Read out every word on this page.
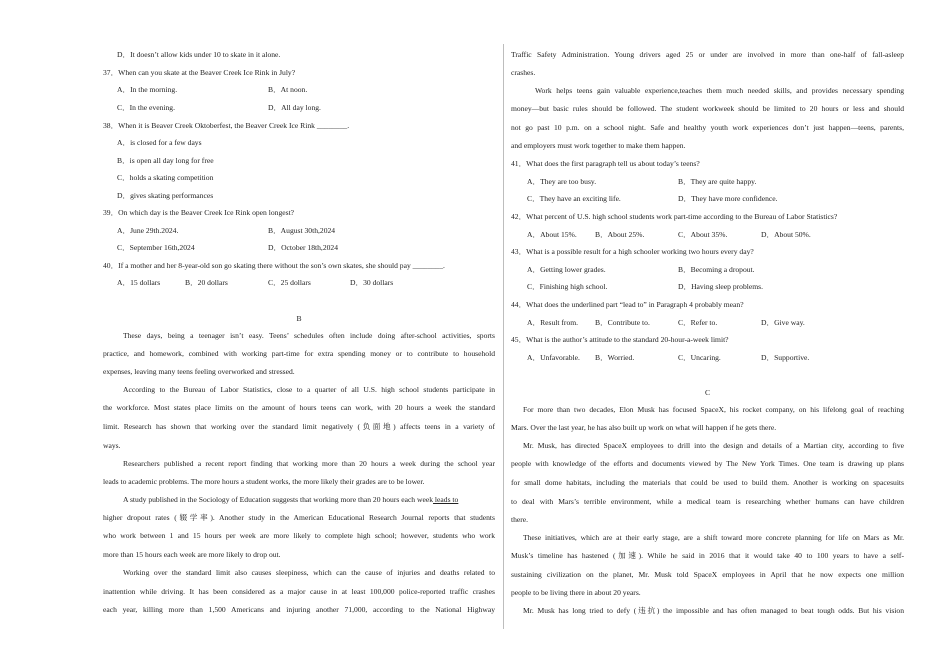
D．It doesn’t allow kids under 10 to skate in it alone.
37．When can you skate at the Beaver Creek Ice Rink in July?
A．In the morning.	B．At noon.
C．In the evening.	D．All day long.
38．When it is Beaver Creek Oktoberfest, the Beaver Creek Ice Rink ________.
A．is closed for a few days
B．is open all day long for free
C．holds a skating competition
D．gives skating performances
39．On which day is the Beaver Creek Ice Rink open longest?
A．June 29th.2024.	B．August 30th,2024
C．September 16th,2024	D．October 18th,2024
40．If a mother and her 8-year-old son go skating there without the son’s own skates, she should pay ________.
A．15 dollars	B．20 dollars	C．25 dollars	D．30 dollars
B
These days, being a teenager isn’t easy. Teens’ schedules often include doing after-school activities, sports
practice, and homework, combined with working part-time for extra spending money or to contribute to household
expenses, leaving many teens feeling overworked and stressed.
According to the Bureau of Labor Statistics, close to a quarter of all U.S. high school students participate in
the workforce. Most states place limits on the amount of hours teens can work, with 20 hours a week the standard
limit. Research has shown that working over the standard limit negatively (负面地) affects teens in a variety of
ways.
Researchers published a recent report finding that working more than 20 hours a week during the school year
leads to academic problems. The more hours a student works, the more likely their grades are to be lower.
A study published in the Sociology of Education suggests that working more than 20 hours each week leads to
higher dropout rates (辍学率). Another study in the American Educational Research Journal reports that students
who work between 1 and 15 hours per week are more likely to complete high school; however, students who work
more than 15 hours each week are more likely to drop out.
Working over the standard limit also causes sleepiness, which can the cause of injuries and deaths related to
inattention while driving. It has been considered as a major cause in at least 100,000 police-reported traffic crashes
each year, killing more than 1,500 Americans and injuring another 71,000, according to the National Highway
Traffic Safety Administration. Young drivers aged 25 or under are involved in more than one-half of fall-asleep
crashes.
Work helps teens gain valuable experience,teaches them much needed skills, and provides necessary spending
money—but basic rules should be followed. The student workweek should be limited to 20 hours or less and should
not go past 10 p.m. on a school night. Safe and healthy youth work experiences don’t just happen—teens, parents,
and employers must work together to make them happen.
41．What does the first paragraph tell us about today’s teens?
A．They are too busy.	B．They are quite happy.
C．They have an exciting life.	D．They have more confidence.
42．What percent of U.S. high school students work part-time according to the Bureau of Labor Statistics?
A．About 15%. B．About 25%.	C．About 35%.	D．About 50%.
43．What is a possible result for a high schooler working two hours every day?
A．Getting lower grades.	B．Becoming a dropout.
C．Finishing high school.	D．Having sleep problems.
44．What does the underlined part “lead to” in Paragraph 4 probably mean?
A．Result from. B．Contribute to.	C．Refer to.	D．Give way.
45．What is the author’s attitude to the standard 20-hour-a-week limit?
A．Unfavorable. B．Worried.	C．Uncaring.	D．Supportive.
C
For more than two decades, Elon Musk has focused SpaceX, his rocket company, on his lifelong goal of reaching
Mars. Over the last year, he has also built up work on what will happen if he gets there.
Mr. Musk, has directed SpaceX employees to drill into the design and details of a Martian city, according to five
people with knowledge of the efforts and documents viewed by The New York Times. One team is drawing up plans
for small dome habitats, including the materials that could be used to build them. Another is working on spacesuits
to deal with Mars’s terrible environment, while a medical team is researching whether humans can have children
there.
These initiatives, which are at their early stage, are a shift toward more concrete planning for life on Mars as Mr.
Musk’s timeline has hastened (加速). While he said in 2016 that it would take 40 to 100 years to have a self-
sustaining civilization on the planet, Mr. Musk told SpaceX employees in April that he now expects one million
people to be living there in about 20 years.
Mr. Musk has long tried to defy (违抗) the impossible and has often managed to beat tough odds. But his vision
